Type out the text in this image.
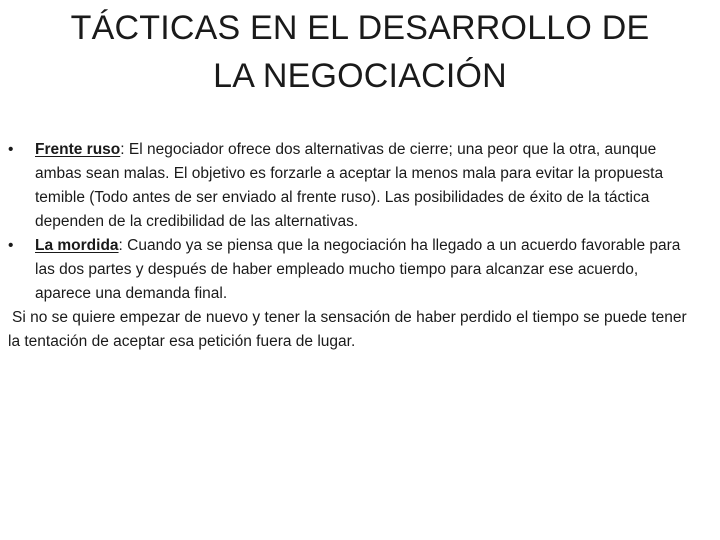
TÁCTICAS EN EL DESARROLLO DE
LA NEGOCIACIÓN

•	Frente ruso: El negociador ofrece dos alternativas de cierre; una peor que la otra, aunque ambas sean malas. El objetivo es forzarle a aceptar la menos mala para evitar la propuesta temible (Todo antes de ser enviado al frente ruso). Las posibilidades de éxito de la táctica dependen de la credibilidad de las alternativas.

•	La mordida: Cuando ya se piensa que la negociación ha llegado a un acuerdo favorable para las dos partes y después de haber empleado mucho tiempo para alcanzar ese acuerdo, aparece una demanda final.

Si no se quiere empezar de nuevo y tener la sensación de haber perdido el tiempo se puede tener la tentación de aceptar esa petición fuera de lugar.
